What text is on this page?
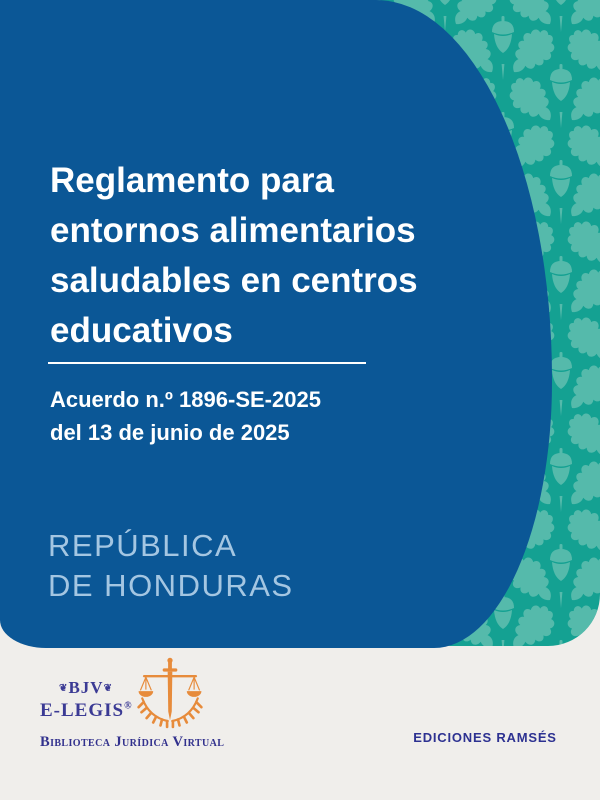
Reglamento para
entornos alimentarios
saludables en centros
educativos
Acuerdo n.º 1896-SE-2025
del 13 de junio de 2025
REPÚBLICA
DE HONDURAS
❦BJV❦
E-LEGIS®
Biblioteca Jurídica Virtual	EDICIONES RAMSÉS
